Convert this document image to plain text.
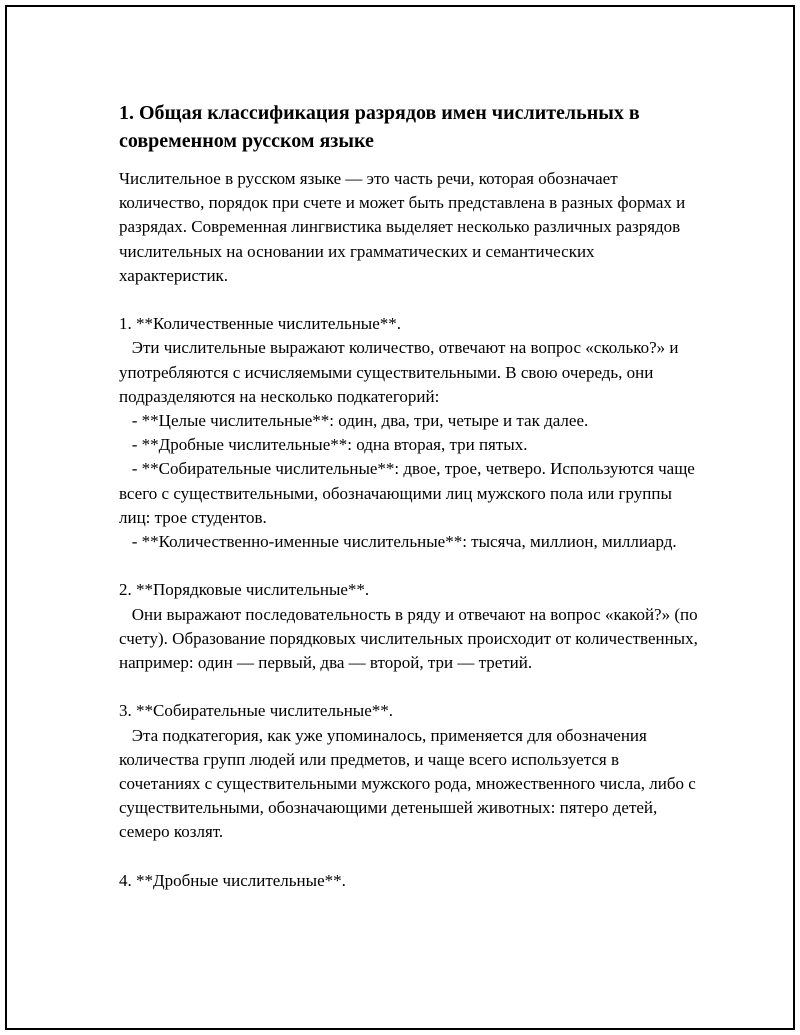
1. Общая классификация разрядов имен числительных в современном русском языке

Числительное в русском языке — это часть речи, которая обозначает количество, порядок при счете и может быть представлена в разных формах и разрядах. Современная лингвистика выделяет несколько различных разрядов числительных на основании их грамматических и семантических характеристик.

1. **Количественные числительные**.

Эти числительные выражают количество, отвечают на вопрос «сколько?» и употребляются с исчисляемыми существительными. В свою очередь, они подразделяются на несколько подкатегорий:
- **Целые числительные**: один, два, три, четыре и так далее.
- **Дробные числительные**: одна вторая, три пятых.
- **Собирательные числительные**: двое, трое, четверо. Используются чаще всего с существительными, обозначающими лиц мужского пола или группы лиц: трое студентов.
- **Количественно-именные числительные**: тысяча, миллион, миллиард.

2. **Порядковые числительные**.

Они выражают последовательность в ряду и отвечают на вопрос «какой?» (по счету). Образование порядковых числительных происходит от количественных, например: один — первый, два — второй, три — третий.

3. **Собирательные числительные**.

Эта подкатегория, как уже упоминалось, применяется для обозначения количества групп людей или предметов, и чаще всего используется в сочетаниях с существительными мужского рода, множественного числа, либо с существительными, обозначающими детенышей животных: пятеро детей, семеро козлят.

4. **Дробные числительные**.
